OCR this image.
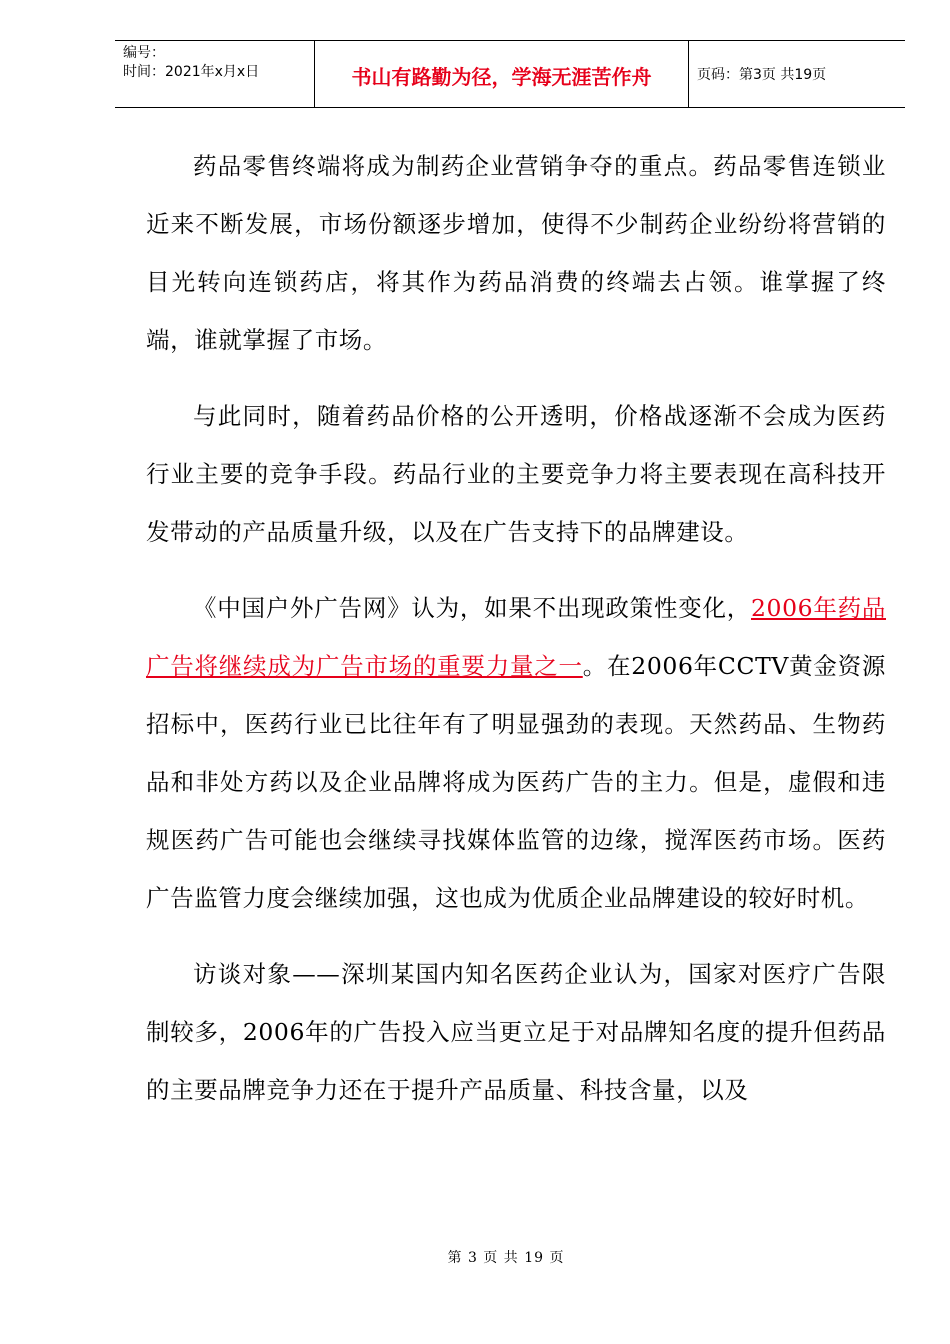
编号：
时间：2021年x月x日	书山有路勤为径，学海无涯苦作舟	页码：第3页 共19页

药品零售终端将成为制药企业营销争夺的重点。药品零售连锁业近来不断发展，市场份额逐步增加，使得不少制药企业纷纷将营销的目光转向连锁药店，将其作为药品消费的终端去占领。谁掌握了终端，谁就掌握了市场。

与此同时，随着药品价格的公开透明，价格战逐渐不会成为医药行业主要的竞争手段。药品行业的主要竞争力将主要表现在高科技开发带动的产品质量升级，以及在广告支持下的品牌建设。

《中国户外广告网》认为，如果不出现政策性变化，2006年药品广告将继续成为广告市场的重要力量之一。在2006年CCTV黄金资源招标中，医药行业已比往年有了明显强劲的表现。天然药品、生物药品和非处方药以及企业品牌将成为医药广告的主力。但是，虚假和违规医药广告可能也会继续寻找媒体监管的边缘，搅浑医药市场。医药广告监管力度会继续加强，这也成为优质企业品牌建设的较好时机。

访谈对象——深圳某国内知名医药企业认为，国家对医疗广告限制较多，2006年的广告投入应当更立足于对品牌知名度的提升但药品的主要品牌竞争力还在于提升产品质量、科技含量，以及

第 3 页 共 19 页
